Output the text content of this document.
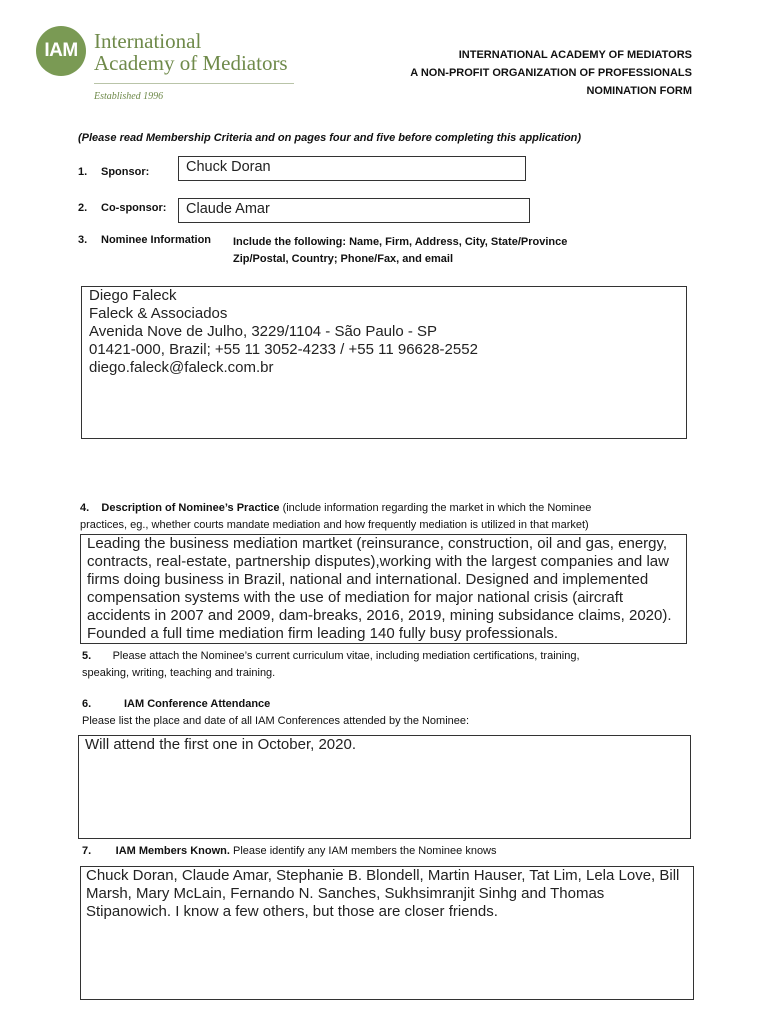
IAM International
Academy of Mediators
Established 1996
INTERNATIONAL ACADEMY OF MEDIATORS
A NON-PROFIT ORGANIZATION OF PROFESSIONALS
NOMINATION FORM
(Please read Membership Criteria and on pages four and five before completing this application)
1. Sponsor:	Chuck Doran
2. Co-sponsor:	Claude Amar
3. Nominee Information Include the following: Name, Firm, Address, City, State/Province
Zip/Postal, Country; Phone/Fax, and email
Diego Faleck
Faleck & Associados
Avenida Nove de Julho, 3229/1104 - São Paulo - SP
01421-000, Brazil; +55 11 3052-4233 / +55 11 96628-2552
diego.faleck@faleck.com.br
4. Description of Nominee’s Practice (include information regarding the market in which the Nominee
practices, eg., whether courts mandate mediation and how frequently mediation is utilized in that market)
Leading the business mediation martket (reinsurance, construction, oil and gas, energy, contracts, real-estate, partnership disputes),working with the largest companies and law firms doing business in Brazil, national and international. Designed and implemented compensation systems with the use of mediation for major national crisis (aircraft accidents in 2007 and 2009, dam-breaks, 2016, 2019, mining subsidance claims, 2020). Founded a full time mediation firm leading 140 fully busy professionals.
5. Please attach the Nominee’s current curriculum vitae, including mediation certifications, training,
speaking, writing, teaching and training.
6.	IAM Conference Attendance
Please list the place and date of all IAM Conferences attended by the Nominee:
Will attend the first one in October, 2020.
7. IAM Members Known. Please identify any IAM members the Nominee knows
Chuck Doran, Claude Amar, Stephanie B. Blondell, Martin Hauser, Tat Lim, Lela Love, Bill Marsh, Mary McLain, Fernando N. Sanches, Sukhsimranjit Sinhg and Thomas Stipanowich. I know a few others, but those are closer friends.
